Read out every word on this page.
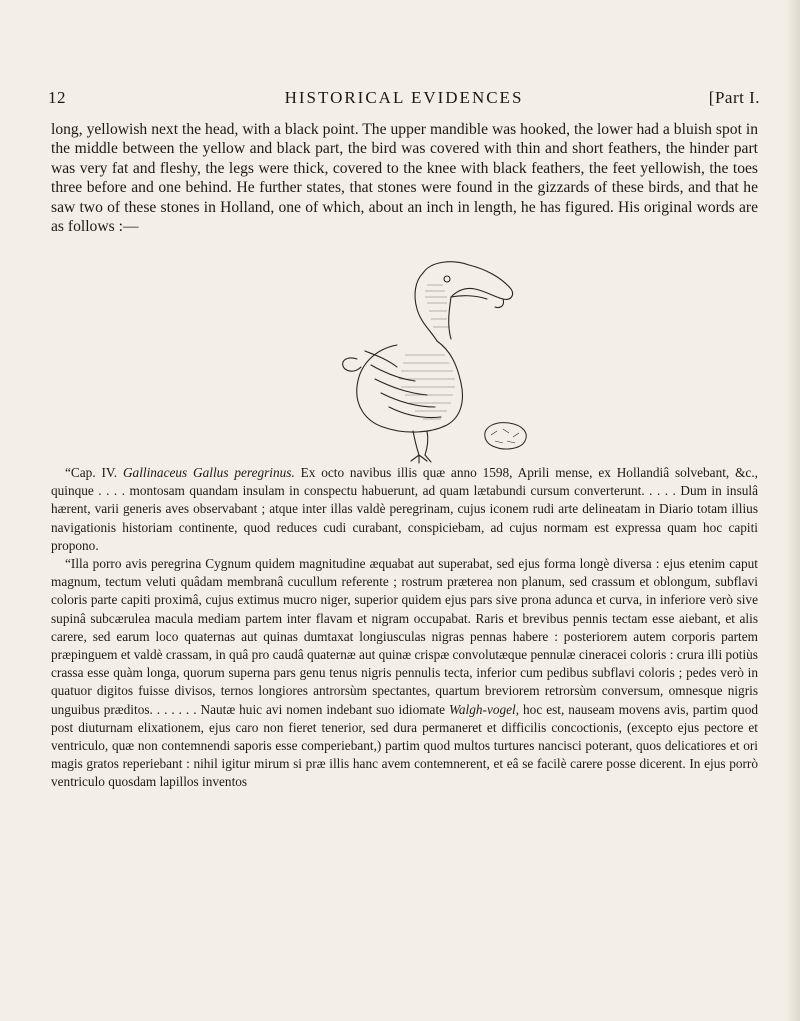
12	HISTORICAL EVIDENCES	[Part I.

long, yellowish next the head, with a black point. The upper mandible was hooked, the lower had a bluish spot in the middle between the yellow and black part, the bird was covered with thin and short feathers, the hinder part was very fat and fleshy, the legs were thick, covered to the knee with black feathers, the feet yellowish, the toes three before and one behind. He further states, that stones were found in the gizzards of these birds, and that he saw two of these stones in Holland, one of which, about an inch in length, he has figured. His original words are as follows :—

“Cap. IV. Gallinaceus Gallus peregrinus. Ex octo navibus illis quæ anno 1598, Aprili mense, ex Hollandiâ solvebant, &c., quinque . . . . montosam quandam insulam in conspectu habuerunt, ad quam lætabundi cursum converterunt. . . . . Dum in insulâ hærent, varii generis aves observabant ; atque inter illas valdè peregrinam, cujus iconem rudi arte delineatam in Diario totam illius navigationis historiam continente, quod reduces cudi curabant, conspiciebam, ad cujus normam est expressa quam hoc capiti propono.

“Illa porro avis peregrina Cygnum quidem magnitudine æquabat aut superabat, sed ejus forma longè diversa : ejus etenim caput magnum, tectum veluti quâdam membranâ cucullum referente ; rostrum præterea non planum, sed crassum et oblongum, subflavi coloris parte capiti proximâ, cujus extimus mucro niger, superior quidem ejus pars sive prona adunca et curva, in inferiore verò sive supinâ subcærulea macula mediam partem inter flavam et nigram occupabat. Raris et brevibus pennis tectam esse aiebant, et alis carere, sed earum loco quaternas aut quinas dumtaxat longiusculas nigras pennas habere : posteriorem autem corporis partem præpinguem et valdè crassam, in quâ pro caudâ quaternæ aut quinæ crispæ convolutæque pennulæ cineracei coloris : crura illi potiùs crassa esse quàm longa, quorum superna pars genu tenus nigris pennulis tecta, inferior cum pedibus subflavi coloris ; pedes verò in quatuor digitos fuisse divisos, ternos longiores antrorsùm spectantes, quartum breviorem retrorsùm conversum, omnesque nigris unguibus præditos. . . . . . . Nautæ huic avi nomen indebant suo idiomate Walgh-vogel, hoc est, nauseam movens avis, partim quod post diuturnam elixationem, ejus caro non fieret tenerior, sed dura permaneret et difficilis concoctionis, (excepto ejus pectore et ventriculo, quæ non contemnendi saporis esse comperiebant,) partim quod multos turtures nancisci poterant, quos delicatiores et ori magis gratos reperiebant : nihil igitur mirum si præ illis hanc avem contemnerent, et eâ se facilè carere posse dicerent. In ejus porrò ventriculo quosdam lapillos inventos
